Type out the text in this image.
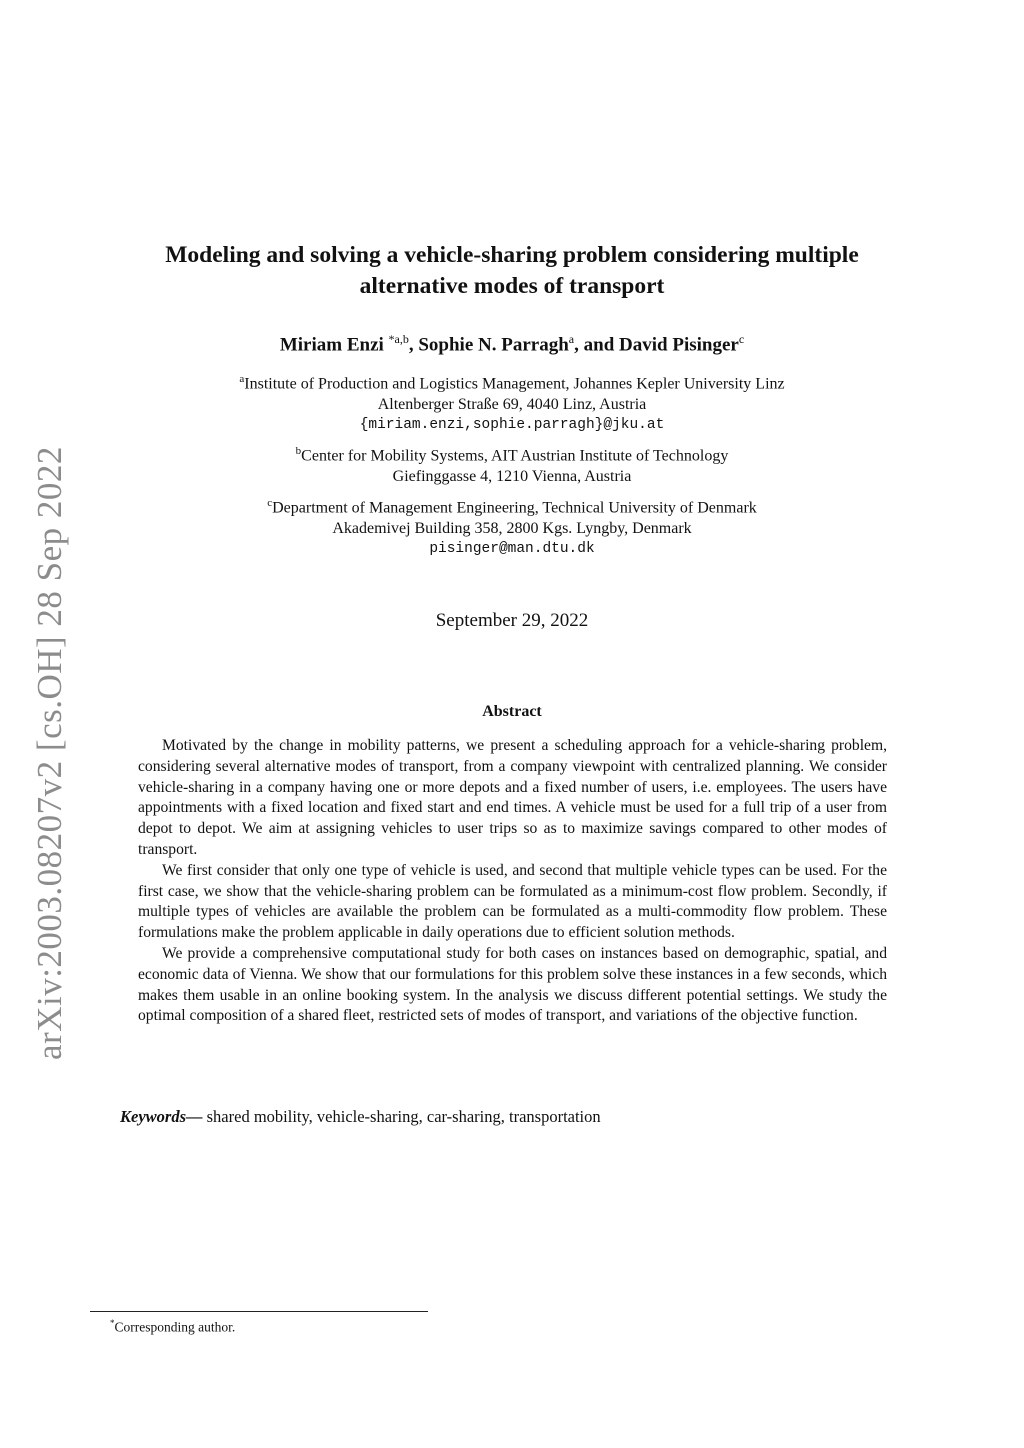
arXiv:2003.08207v2 [cs.OH] 28 Sep 2022
Modeling and solving a vehicle-sharing problem considering multiple
alternative modes of transport
Miriam Enzi $^{*a,b}$, Sophie N. Parragh$^a$, and David Pisinger$^c$
$^a$Institute of Production and Logistics Management, Johannes Kepler University Linz
Altenberger Straße 69, 4040 Linz, Austria
{miriam.enzi,sophie.parragh}@jku.at
$^b$Center for Mobility Systems, AIT Austrian Institute of Technology
Giefinggasse 4, 1210 Vienna, Austria
$^c$Department of Management Engineering, Technical University of Denmark
Akademivej Building 358, 2800 Kgs. Lyngby, Denmark
pisinger@man.dtu.dk
September 29, 2022
Abstract

Motivated by the change in mobility patterns, we present a scheduling approach for a vehicle-sharing problem, considering several alternative modes of transport, from a company viewpoint with centralized planning. We consider vehicle-sharing in a company having one or more depots and a fixed number of users, i.e. employees. The users have appointments with a fixed location and fixed start and end times. A vehicle must be used for a full trip of a user from depot to depot. We aim at assigning vehicles to user trips so as to maximize savings compared to other modes of transport.

We first consider that only one type of vehicle is used, and second that multiple vehicle types can be used. For the first case, we show that the vehicle-sharing problem can be formulated as a minimum-cost flow problem. Secondly, if multiple types of vehicles are available the problem can be formulated as a multi-commodity flow problem. These formulations make the problem applicable in daily operations due to efficient solution methods.

We provide a comprehensive computational study for both cases on instances based on demographic, spatial, and economic data of Vienna. We show that our formulations for this problem solve these instances in a few seconds, which makes them usable in an online booking system. In the analysis we discuss different potential settings. We study the optimal composition of a shared fleet, restricted sets of modes of transport, and variations of the objective function.

Keywords— shared mobility, vehicle-sharing, car-sharing, transportation
*Corresponding author.
